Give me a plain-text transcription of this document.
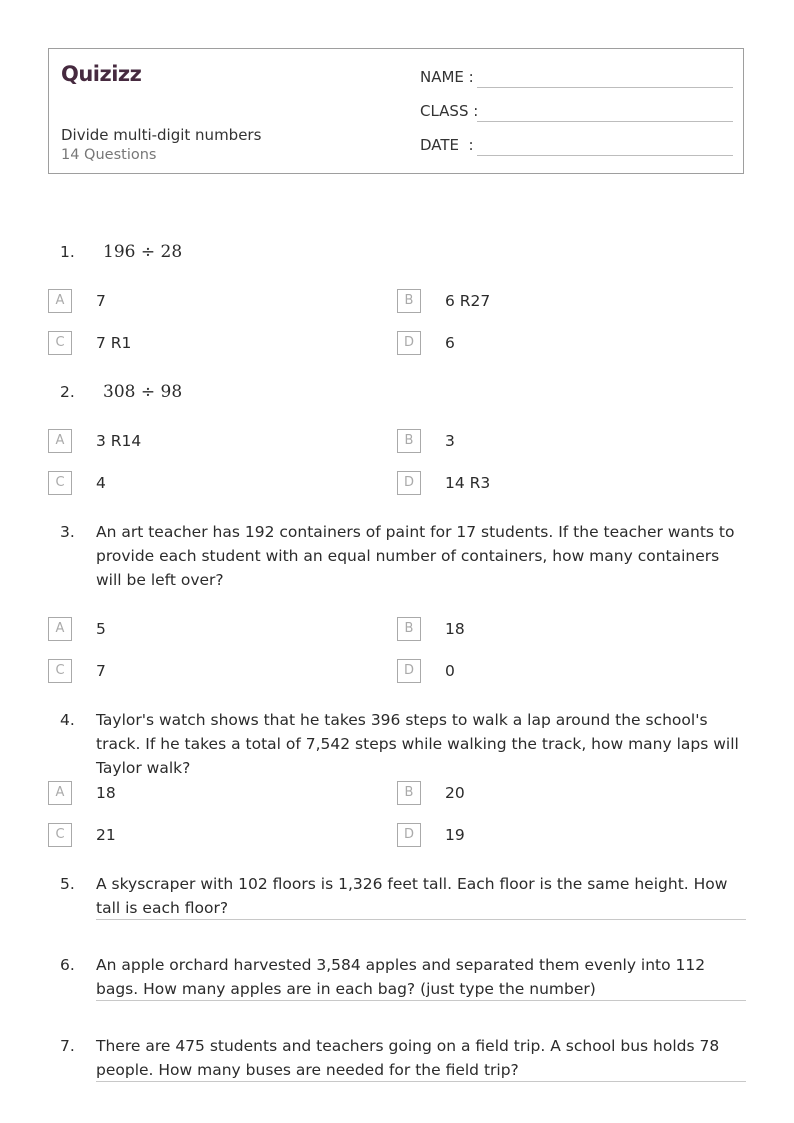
Quizizz
Divide multi-digit numbers
14 Questions
NAME :
CLASS :
DATE  :
1.	196 ÷ 28
A	7	B	6 R27
C	7 R1	D	6
2.	308 ÷ 98
A	3 R14	B	3
C	4	D	14 R3
3.	An art teacher has 192 containers of paint for 17 students. If the teacher wants to provide each student with an equal number of containers, how many containers will be left over?
A	5	B	18
C	7	D	0
4.	Taylor's watch shows that he takes 396 steps to walk a lap around the school's track. If he takes a total of 7,542 steps while walking the track, how many laps will Taylor walk?
A	18	B	20
C	21	D	19
5.	A skyscraper with 102 floors is 1,326 feet tall. Each floor is the same height. How tall is each floor?
6.	An apple orchard harvested 3,584 apples and separated them evenly into 112 bags. How many apples are in each bag? (just type the number)
7.	There are 475 students and teachers going on a field trip. A school bus holds 78 people. How many buses are needed for the field trip?
